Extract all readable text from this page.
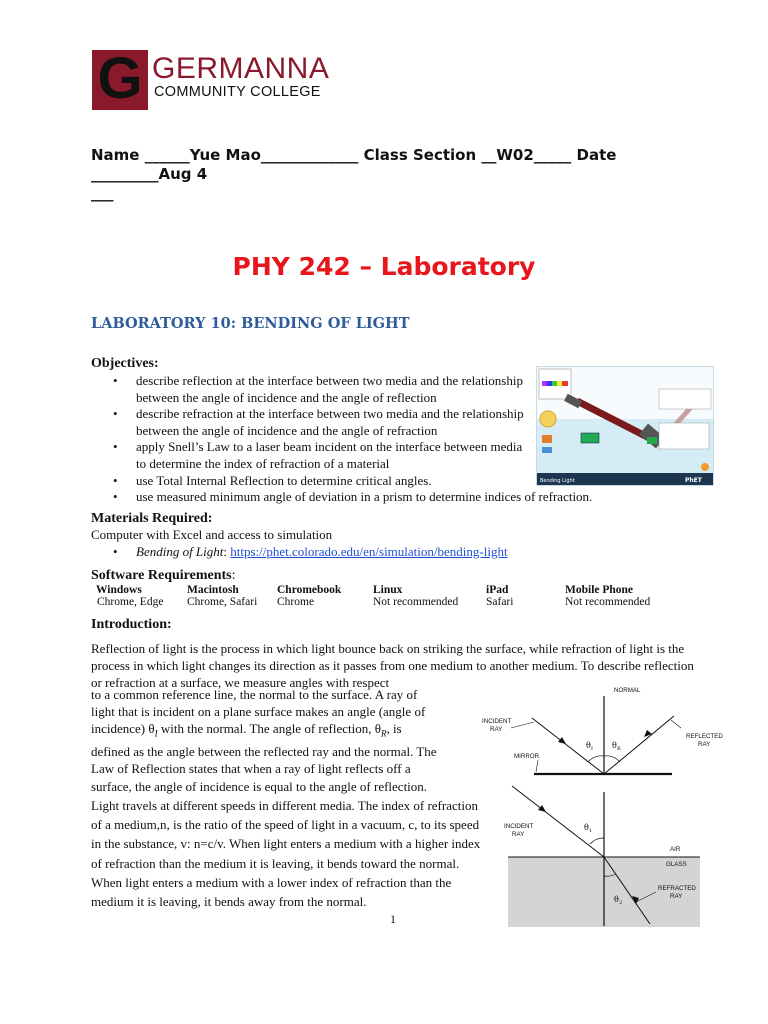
G GERMANNA
COMMUNITY COLLEGE
Name ______Yue Mao_____________ Class Section __W02_____ Date
_________Aug 4
___
PHY 242 – Laboratory
LABORATORY 10: BENDING OF LIGHT
Objectives:
• describe reflection at the interface between two media and the relationship between the angle of incidence and the angle of reflection
• describe refraction at the interface between two media and the relationship between the angle of incidence and the angle of refraction
• apply Snell’s Law to a laser beam incident on the interface between media to determine the index of refraction of a material
• use Total Internal Reflection to determine critical angles.
• use measured minimum angle of deviation in a prism to determine indices of refraction.
Bending Light	PhET
Materials Required:
Computer with Excel and access to simulation
• Bending of Light: https://phet.colorado.edu/en/simulation/bending-light
Software Requirements:
Windows
Chrome, Edge
Macintosh
Chrome, Safari
Chromebook
Chrome
Linux
Not recommended
iPad
Safari
Mobile Phone
Not recommended
Introduction:
Reflection of light is the process in which light bounce back on striking the surface, while refraction of light is the process in which light changes its direction as it passes from one medium to another medium. To describe reflection or refraction at a surface, we measure angles with respect
to a common reference line, the normal to the surface. A ray of
light that is incident on a plane surface makes an angle (angle of
incidence) $\theta_I$ with the normal. The angle of reflection, $\theta_R$, is
defined as the angle between the reflected ray and the normal. The
Law of Reflection states that when a ray of light reflects off a
surface, the angle of incidence is equal to the angle of reflection.
Light travels at different speeds in different media. The index of refraction of a medium,n, is the ratio of the speed of light in a vacuum, c, to its speed in the substance, v: n=c/v. When light enters a medium with a higher index of refraction than the medium it is leaving, it bends toward the normal. When light enters a medium with a lower index of refraction than the medium it is leaving, it bends away from the normal.
NORMAL
INCIDENT
RAY
REFLECTED
RAY
MIRROR
INCIDENT
RAY
AIR
GLASS
REFRACTED
RAY
θ I θ R
θ 1
θ 2
1
